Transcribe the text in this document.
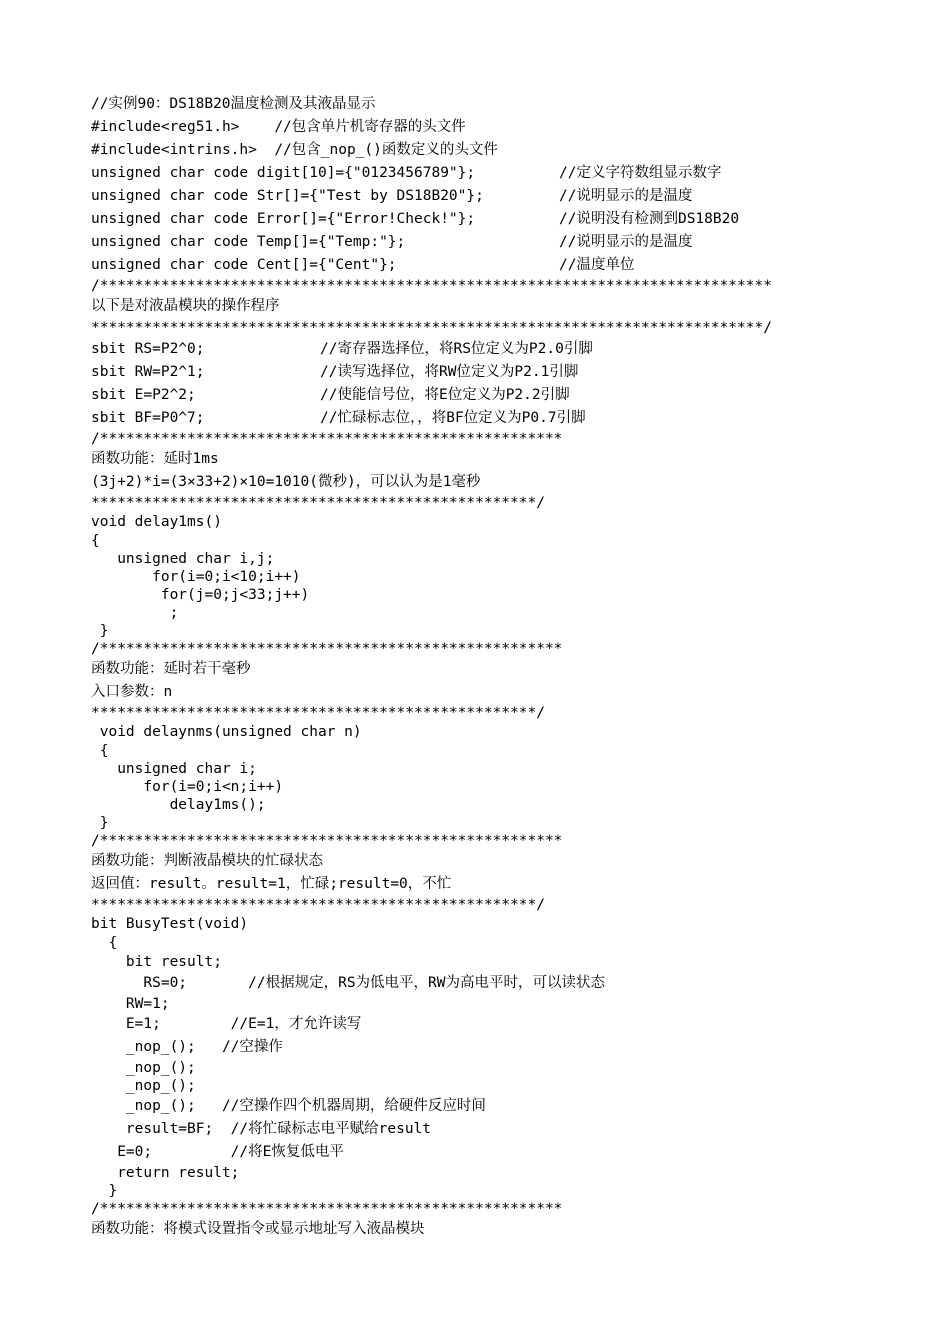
//实例90：DS18B20温度检测及其液晶显示
#include<reg51.h>    //包含单片机寄存器的头文件
#include<intrins.h>  //包含_nop_()函数定义的头文件
unsigned char code digit[10]={"0123456789"};	//定义字符数组显示数字
unsigned char code Str[]={"Test by DS18B20"};	//说明显示的是温度
unsigned char code Error[]={"Error!Check!"};	//说明没有检测到DS18B20
unsigned char code Temp[]={"Temp:"};	//说明显示的是温度
unsigned char code Cent[]={"Cent"};	//温度单位
/*****************************************************************************
以下是对液晶模块的操作程序
*****************************************************************************/
sbit RS=P2^0;	//寄存器选择位，将RS位定义为P2.0引脚
sbit RW=P2^1;	//读写选择位，将RW位定义为P2.1引脚
sbit E=P2^2;	//使能信号位，将E位定义为P2.2引脚
sbit BF=P0^7;	//忙碌标志位，，将BF位定义为P0.7引脚
/*****************************************************
函数功能：延时1ms
(3j+2)*i=(3×33+2)×10=1010(微秒)，可以认为是1毫秒
***************************************************/
void delay1ms()
{
unsigned char i,j;
for(i=0;i<10;i++)
for(j=0;j<33;j++)
;
}
/*****************************************************
函数功能：延时若干毫秒
入口参数：n
***************************************************/
void delaynms(unsigned char n)
{
unsigned char i;
for(i=0;i<n;i++)
delay1ms();
}
/*****************************************************
函数功能：判断液晶模块的忙碌状态
返回值：result。result=1，忙碌;result=0，不忙
***************************************************/
bit BusyTest(void)
{
bit result;
RS=0;       //根据规定，RS为低电平，RW为高电平时，可以读状态
RW=1;
E=1;        //E=1，才允许读写
_nop_();   //空操作
_nop_();
_nop_();
_nop_();   //空操作四个机器周期，给硬件反应时间
result=BF;  //将忙碌标志电平赋给result
E=0;         //将E恢复低电平
return result;
}
/*****************************************************
函数功能：将模式设置指令或显示地址写入液晶模块
